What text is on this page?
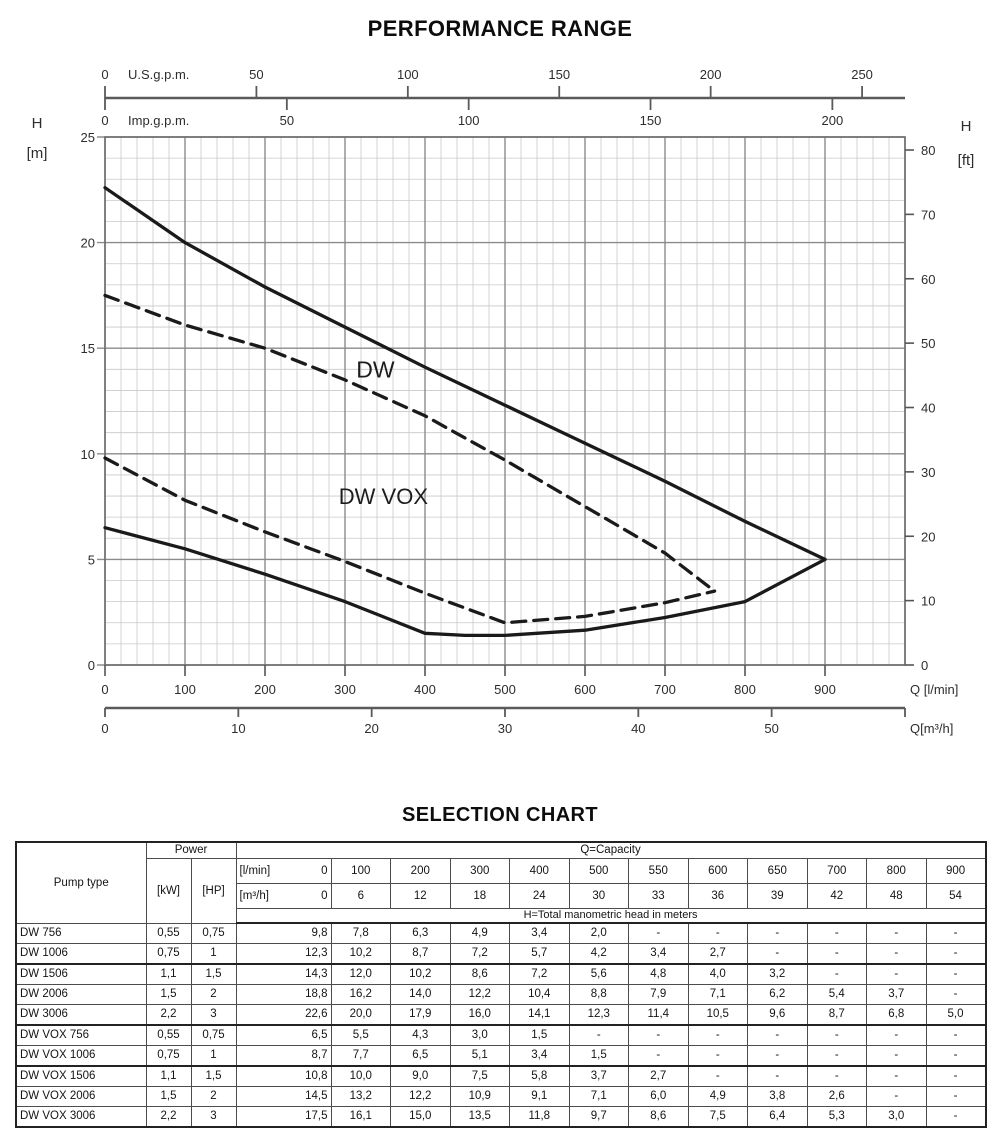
PERFORMANCE RANGE
0	50	100	150	200	250
U.S.g.p.m.
0	50	100	150	200
Imp.g.p.m.
0
5
10
15
20
25
H
[m]
0	100	200	300	400	500	600	700	800	900	Q [l/min]
0	10	20	30	40	50	Q[m³/h]
0
10
20
30
40
50
60
70
80
H
[ft]
DW
DW VOX
SELECTION CHART
Pump type	Power		Q=Capacity											
	[kW]	[HP]	[l/min] 0	100	200	300	400	500	550	600	650	700	800	900

			[m³/h] 0	6	12	18	24	30	33	36	39	42	48	54
			H=Total manometric head in meters											
DW 756	0,55	0,75	9,8	7,8	6,3	4,9	3,4	2,0	-	-	-	-	-	-
DW 1006	0,75	1	12,3	10,2	8,7	7,2	5,7	4,2	3,4	2,7	-	-	-	-
DW 1506	1,1	1,5	14,3	12,0	10,2	8,6	7,2	5,6	4,8	4,0	3,2	-	-	-
DW 2006	1,5	2	18,8	16,2	14,0	12,2	10,4	8,8	7,9	7,1	6,2	5,4	3,7	-
DW 3006	2,2	3	22,6	20,0	17,9	16,0	14,1	12,3	11,4	10,5	9,6	8,7	6,8	5,0
DW VOX 756	0,55	0,75	6,5	5,5	4,3	3,0	1,5	-	-	-	-	-	-	-
DW VOX 1006	0,75	1	8,7	7,7	6,5	5,1	3,4	1,5	-	-	-	-	-	-
DW VOX 1506	1,1	1,5	10,8	10,0	9,0	7,5	5,8	3,7	2,7	-	-	-	-	-
DW VOX 2006	1,5	2	14,5	13,2	12,2	10,9	9,1	7,1	6,0	4,9	3,8	2,6	-	-
DW VOX 3006	2,2	3	17,5	16,1	15,0	13,5	11,8	9,7	8,6	7,5	6,4	5,3	3,0	-
